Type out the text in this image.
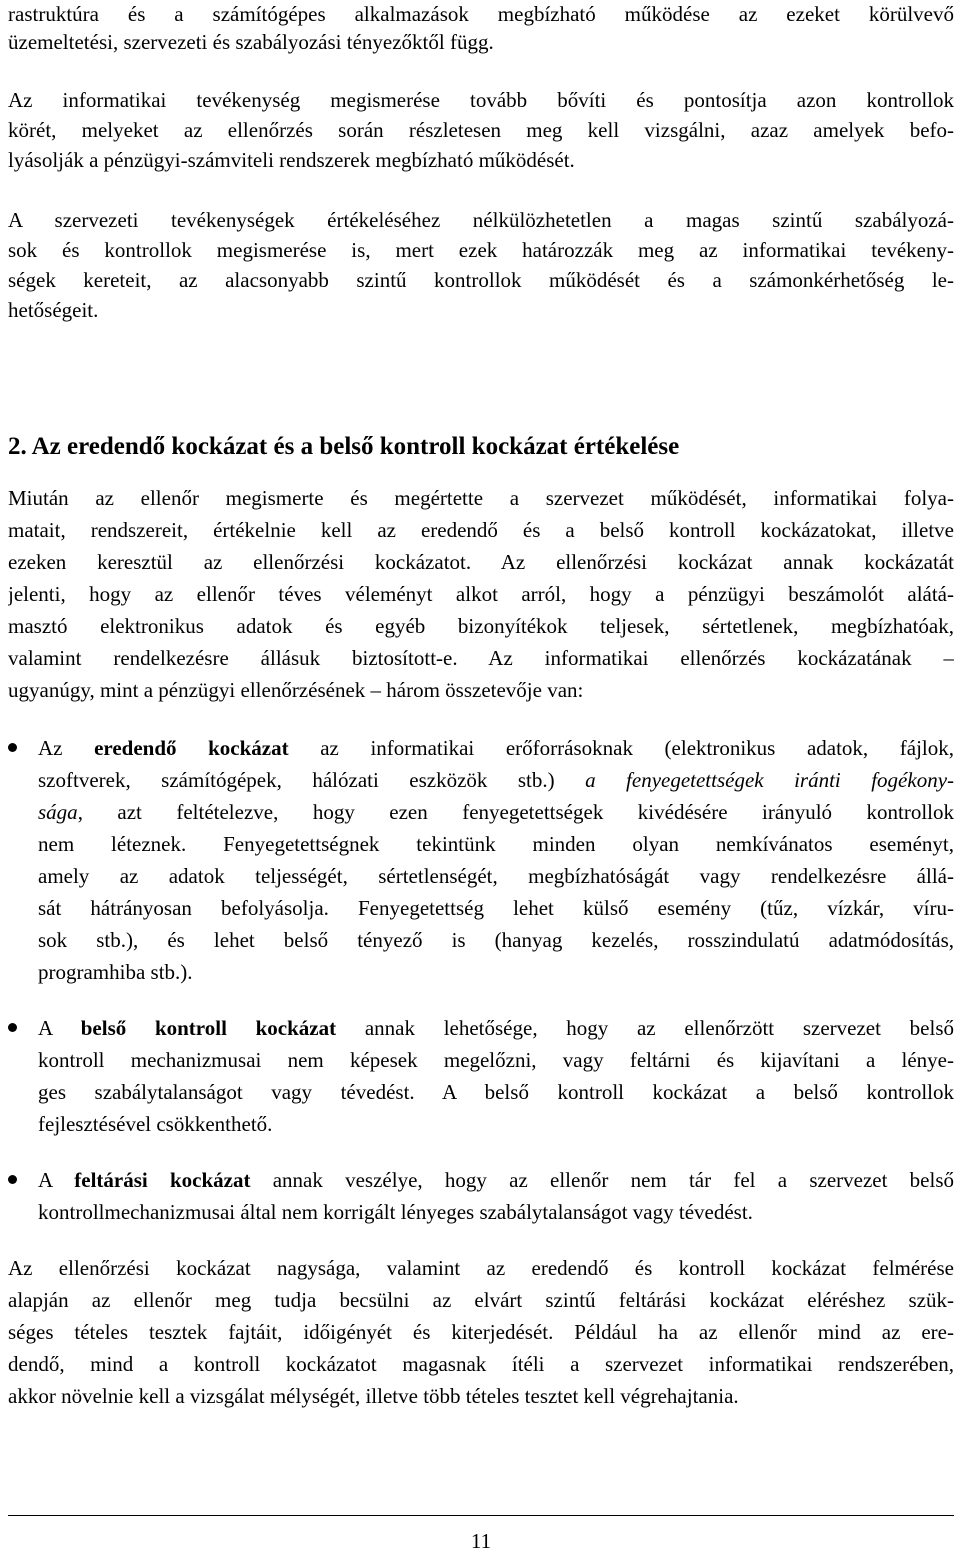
rastruktúra és a számítógépes alkalmazások megbízható működése az ezeket körülvevő
üzemeltetési, szervezeti és szabályozási tényezőktől függ.
Az informatikai tevékenység megismerése tovább bővíti és pontosítja azon kontrollok
körét, melyeket az ellenőrzés során részletesen meg kell vizsgálni, azaz amelyek befo-
lyásolják a pénzügyi-számviteli rendszerek megbízható működését.
A szervezeti tevékenységek értékeléséhez nélkülözhetetlen a magas szintű szabályozá-
sok és kontrollok megismerése is, mert ezek határozzák meg az informatikai tevékeny-
ségek kereteit, az alacsonyabb szintű kontrollok működését és a számonkérhetőség le-
hetőségeit.
2. Az eredendő kockázat és a belső kontroll kockázat értékelése
Miután az ellenőr megismerte és megértette a szervezet működését, informatikai folya-
matait, rendszereit, értékelnie kell az eredendő és a belső kontroll kockázatokat, illetve
ezeken keresztül az ellenőrzési kockázatot. Az ellenőrzési kockázat annak kockázatát
jelenti, hogy az ellenőr téves véleményt alkot arról, hogy a pénzügyi beszámolót alátá-
masztó elektronikus adatok és egyéb bizonyítékok teljesek, sértetlenek, megbízhatóak,
valamint rendelkezésre állásuk biztosított-e. Az informatikai ellenőrzés kockázatának –
ugyanúgy, mint a pénzügyi ellenőrzésének – három összetevője van:
Az eredendő kockázat az informatikai erőforrásoknak (elektronikus adatok, fájlok,
szoftverek, számítógépek, hálózati eszközök stb.) a fenyegetettségek iránti fogékony-
sága, azt feltételezve, hogy ezen fenyegetettségek kivédésére irányuló kontrollok
nem léteznek. Fenyegetettségnek tekintünk minden olyan nemkívánatos eseményt,
amely az adatok teljességét, sértetlenségét, megbízhatóságát vagy rendelkezésre állá-
sát hátrányosan befolyásolja. Fenyegetettség lehet külső esemény (tűz, vízkár, víru-
sok stb.), és lehet belső tényező is (hanyag kezelés, rosszindulatú adatmódosítás,
programhiba stb.).
A belső kontroll kockázat annak lehetősége, hogy az ellenőrzött szervezet belső
kontroll mechanizmusai nem képesek megelőzni, vagy feltárni és kijavítani a lénye-
ges szabálytalanságot vagy tévedést. A belső kontroll kockázat a belső kontrollok
fejlesztésével csökkenthető.
A feltárási kockázat annak veszélye, hogy az ellenőr nem tár fel a szervezet belső
kontrollmechanizmusai által nem korrigált lényeges szabálytalanságot vagy tévedést.
Az ellenőrzési kockázat nagysága, valamint az eredendő és kontroll kockázat felmérése
alapján az ellenőr meg tudja becsülni az elvárt szintű feltárási kockázat eléréshez szük-
séges tételes tesztek fajtáit, időigényét és kiterjedését. Például ha az ellenőr mind az ere-
dendő, mind a kontroll kockázatot magasnak ítéli a szervezet informatikai rendszerében,
akkor növelnie kell a vizsgálat mélységét, illetve több tételes tesztet kell végrehajtania.
11
